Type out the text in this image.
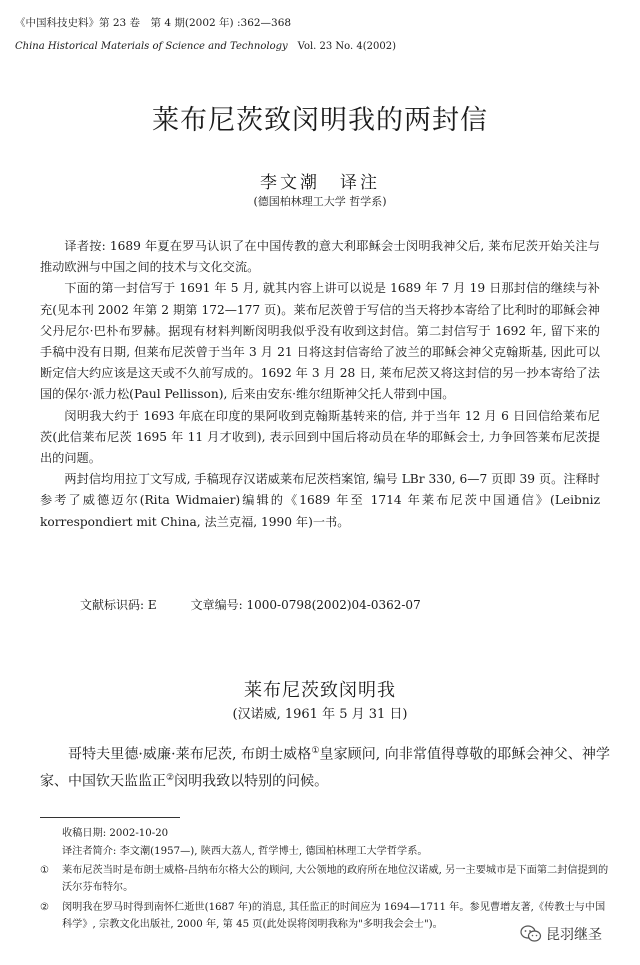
《中国科技史料》第 23 卷　第 4 期(2002 年) :362—368
China Historical Materials of Science and Technology Vol. 23 No. 4(2002)
莱布尼茨致闵明我的两封信
李文潮　译注
(德国柏林理工大学 哲学系)

译者按: 1689 年夏在罗马认识了在中国传教的意大利耶稣会士闵明我神父后, 莱布尼茨开始关注与推动欧洲与中国之间的技术与文化交流。

下面的第一封信写于 1691 年 5 月, 就其内容上讲可以说是 1689 年 7 月 19 日那封信的继续与补充(见本刊 2002 年第 2 期第 172—177 页)。莱布尼茨曾于写信的当天将抄本寄给了比利时的耶稣会神父丹尼尔·巴朴布罗赫。据现有材料判断闵明我似乎没有收到这封信。第二封信写于 1692 年, 留下来的手稿中没有日期, 但莱布尼茨曾于当年 3 月 21 日将这封信寄给了波兰的耶稣会神父克翰斯基, 因此可以断定信大约应该是这天或不久前写成的。1692 年 3 月 28 日, 莱布尼茨又将这封信的另一抄本寄给了法国的保尔·派力松(Paul Pellisson), 后来由安东·维尔纽斯神父托人带到中国。

闵明我大约于 1693 年底在印度的果阿收到克翰斯基转来的信, 并于当年 12 月 6 日回信给莱布尼茨(此信莱布尼茨 1695 年 11 月才收到), 表示回到中国后将动员在华的耶稣会士, 力争回答莱布尼茨提出的问题。

两封信均用拉丁文写成, 手稿现存汉诺威莱布尼茨档案馆, 编号 LBr 330, 6—7 页即 39 页。注释时参考了威德迈尔(Rita Widmaier)编辑的《1689 年至 1714 年莱布尼茨中国通信》(Leibniz korrespondiert mit China, 法兰克福, 1990 年)一书。

文献标识码: E	文章编号: 1000-0798(2002)04-0362-07
莱布尼茨致闵明我
(汉诺威, 1961 年 5 月 31 日)

哥特夫里德·威廉·莱布尼茨, 布朗士威格①皇家顾问, 向非常值得尊敬的耶稣会神父、神学家、中国钦天监监正②闵明我致以特别的问候。

收稿日期: 2002-10-20
译注者简介: 李文潮(1957—), 陕西大荔人, 哲学博士, 德国柏林理工大学哲学系。
①	莱布尼茨当时是布朗士威格-吕纳布尔格大公的顾问, 大公领地的政府所在地位汉诺威, 另一主要城市是下面第二封信提到的沃尔芬布特尔。
②	闵明我在罗马时得到南怀仁逝世(1687 年)的消息, 其任监正的时间应为 1694—1711 年。参见曹增友著,《传教士与中国科学》, 宗教文化出版社, 2000 年, 第 45 页(此处误将闵明我称为"多明我会会士")。
昆羽继圣
